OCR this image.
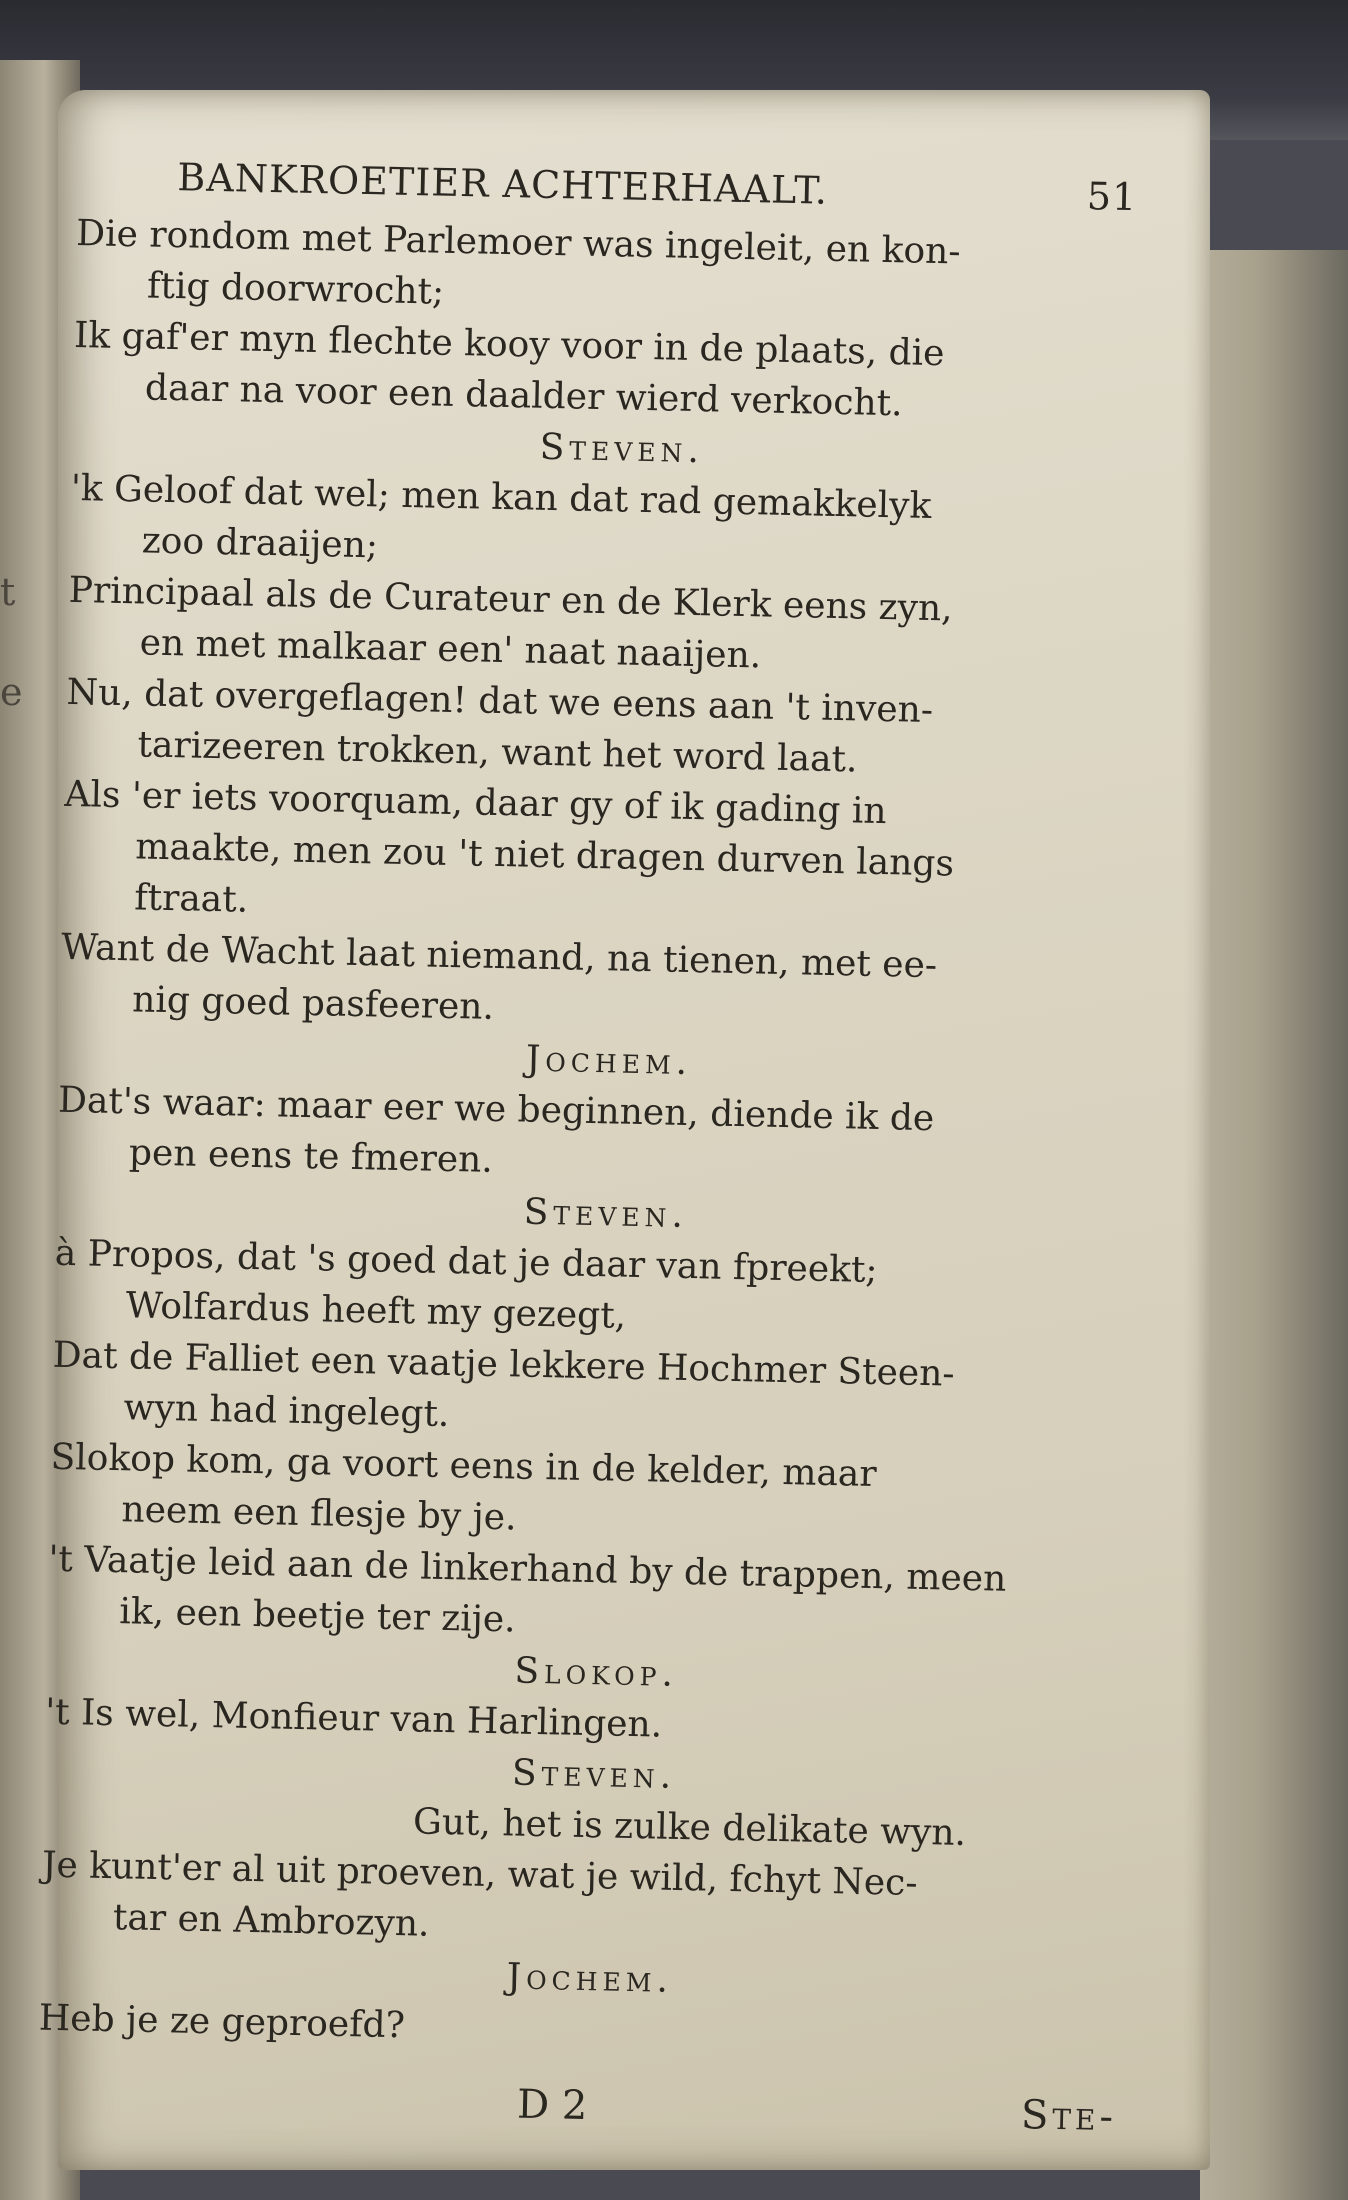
t
e
BANKROETIER ACHTERHAALT.	51
Die rondom met Parlemoer was ingeleit, en kon-
ftig doorwrocht;
Ik gaf'er myn flechte kooy voor in de plaats, die
daar na voor een daalder wierd verkocht.
Steven.
'k Geloof dat wel; men kan dat rad gemakkelyk
zoo draaijen;
Principaal als de Curateur en de Klerk eens zyn,
en met malkaar een' naat naaijen.
Nu, dat overgeflagen! dat we eens aan 't inven-
tarizeeren trokken, want het word laat.
Als 'er iets voorquam, daar gy of ik gading in
maakte, men zou 't niet dragen durven langs
ftraat.
Want de Wacht laat niemand, na tienen, met ee-
nig goed pasfeeren.
Jochem.
Dat's waar: maar eer we beginnen, diende ik de
pen eens te fmeren.
Steven.
à Propos, dat 's goed dat je daar van fpreekt;
Wolfardus heeft my gezegt,
Dat de Falliet een vaatje lekkere Hochmer Steen-
wyn had ingelegt.
Slokop kom, ga voort eens in de kelder, maar
neem een flesje by je.
't Vaatje leid aan de linkerhand by de trappen, meen
ik, een beetje ter zije.
Slokop.
't Is wel, Monfieur van Harlingen.
Steven.
Gut, het is zulke delikate wyn.
Je kunt'er al uit proeven, wat je wild, fchyt Nec-
tar en Ambrozyn.
Jochem.
Heb je ze geproefd?
D 2	Ste-
